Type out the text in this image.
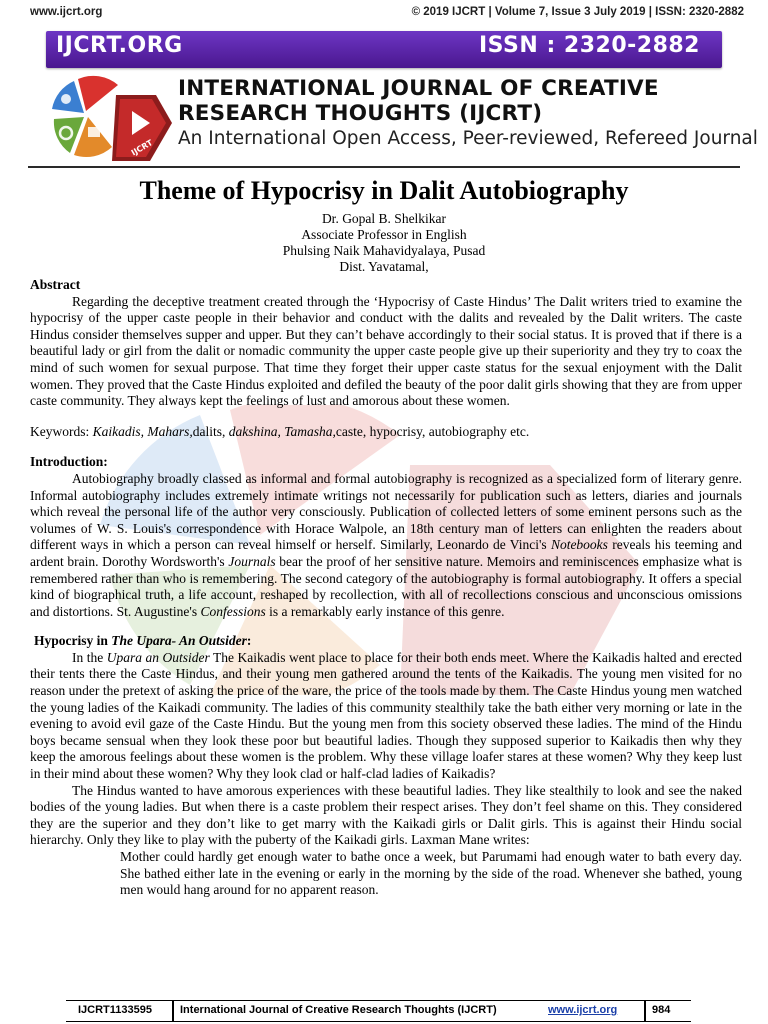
www.ijcrt.org	© 2019 IJCRT | Volume 7, Issue 3 July 2019 | ISSN: 2320-2882
IJCRT.ORG	ISSN : 2320-2882
IJCRT
INTERNATIONAL JOURNAL OF CREATIVE
RESEARCH THOUGHTS (IJCRT)
An International Open Access, Peer-reviewed, Refereed Journal
Theme of Hypocrisy in Dalit Autobiography
Dr. Gopal B. Shelkikar
Associate Professor in English
Phulsing Naik Mahavidyalaya, Pusad
Dist. Yavatamal,

Abstract

Regarding the deceptive treatment created through the ‘Hypocrisy of Caste Hindus’ The Dalit writers tried to examine the hypocrisy of the upper caste people in their behavior and conduct with the dalits and revealed by the Dalit writers. The caste Hindus consider themselves supper and upper. But they can’t behave accordingly to their social status. It is proved that if there is a beautiful lady or girl from the dalit or nomadic community the upper caste people give up their superiority and they try to coax the mind of such women for sexual purpose. That time they forget their upper caste status for the sexual enjoyment with the Dalit women. They proved that the Caste Hindus exploited and defiled the beauty of the poor dalit girls showing that they are from upper caste community. They always kept the feelings of lust and amorous about these women.

Keywords: Kaikadis, Mahars,dalits, dakshina, Tamasha,caste, hypocrisy, autobiography etc.

Introduction:

Autobiography broadly classed as informal and formal autobiography is recognized as a specialized form of literary genre. Informal autobiography includes extremely intimate writings not necessarily for publication such as letters, diaries and journals which reveal the personal life of the author very consciously. Publication of collected letters of some eminent persons such as the volumes of W. S. Louis's correspondence with Horace Walpole, an 18th century man of letters can enlighten the readers about different ways in which a person can reveal himself or herself. Similarly, Leonardo de Vinci's Notebooks reveals his teeming and ardent brain. Dorothy Wordsworth's Journals bear the proof of her sensitive nature. Memoirs and reminiscences emphasize what is remembered rather than who is remembering. The second category of the autobiography is formal autobiography. It offers a special kind of biographical truth, a life account, reshaped by recollection, with all of recollections conscious and unconscious omissions and distortions. St. Augustine's Confessions is a remarkably early instance of this genre.

Hypocrisy in The Upara- An Outsider:

In the Upara an Outsider The Kaikadis went place to place for their both ends meet. Where the Kaikadis halted and erected their tents there the Caste Hindus, and their young men gathered around the tents of the Kaikadis. The young men visited for no reason under the pretext of asking the price of the ware, the price of the tools made by them. The Caste Hindus young men watched the young ladies of the Kaikadi community. The ladies of this community stealthily take the bath either very morning or late in the evening to avoid evil gaze of the Caste Hindu. But the young men from this society observed these ladies. The mind of the Hindu boys became sensual when they look these poor but beautiful ladies. Though they supposed superior to Kaikadis then why they keep the amorous feelings about these women is the problem. Why these village loafer stares at these women? Why they keep lust in their mind about these women? Why they look clad or half-clad ladies of Kaikadis?

The Hindus wanted to have amorous experiences with these beautiful ladies. They like stealthily to look and see the naked bodies of the young ladies. But when there is a caste problem their respect arises. They don’t feel shame on this. They considered they are the superior and they don’t like to get marry with the Kaikadi girls or Dalit girls. This is against their Hindu social hierarchy. Only they like to play with the puberty of the Kaikadi girls. Laxman Mane writes:

Mother could hardly get enough water to bathe once a week, but Parumami had enough water to bath every day. She bathed either late in the evening or early in the morning by the side of the road. Whenever she bathed, young men would hang around for no apparent reason.

IJCRT1133595	International Journal of Creative Research Thoughts (IJCRT)	www.ijcrt.org	984
